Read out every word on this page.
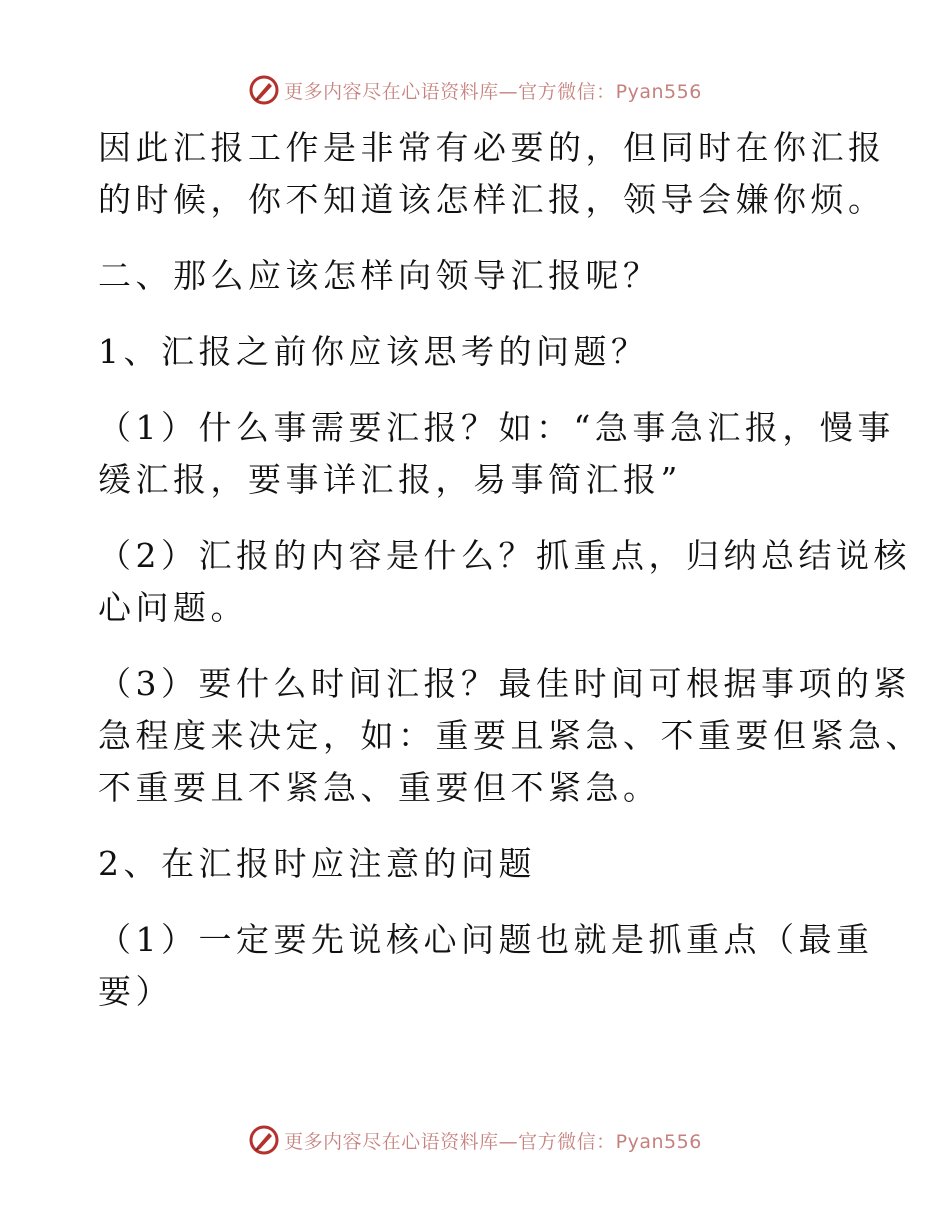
更多内容尽在心语资料库—官方微信：Pyan556
因此汇报工作是非常有必要的，但同时在你汇报
的时候，你不知道该怎样汇报，领导会嫌你烦。
二、那么应该怎样向领导汇报呢？
1、汇报之前你应该思考的问题？
（1）什么事需要汇报？如：“急事急汇报，慢事
缓汇报，要事详汇报，易事简汇报”
（2）汇报的内容是什么？抓重点，归纳总结说核
心问题。
（3）要什么时间汇报？最佳时间可根据事项的紧
急程度来决定，如：重要且紧急、不重要但紧急、
不重要且不紧急、重要但不紧急。
2、在汇报时应注意的问题
（1）一定要先说核心问题也就是抓重点（最重
要）
更多内容尽在心语资料库—官方微信：Pyan556
